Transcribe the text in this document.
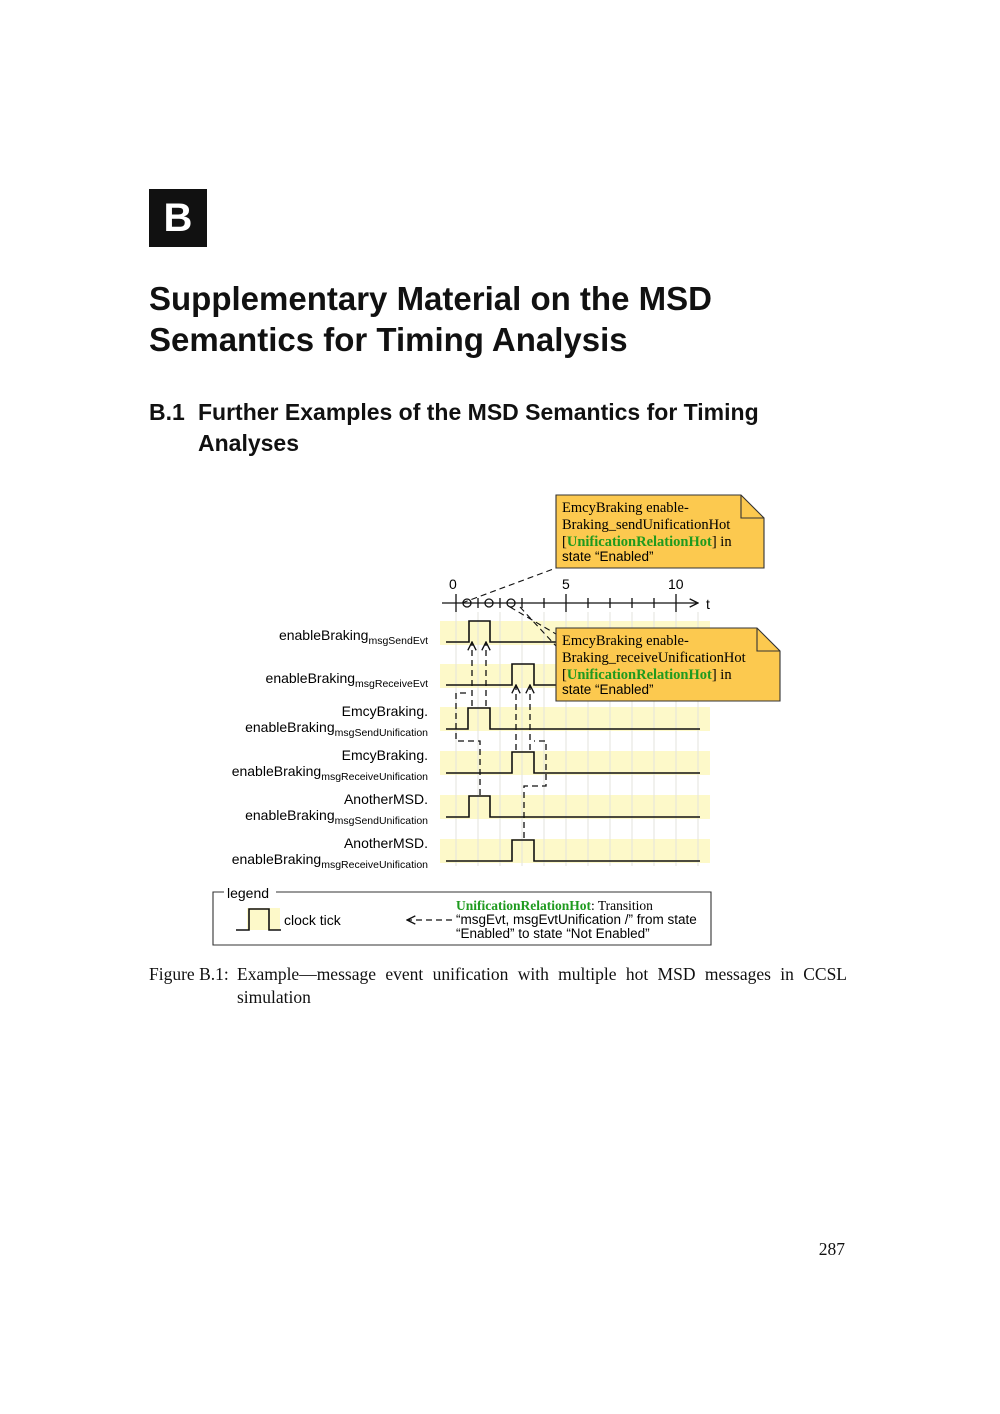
B
Supplementary Material on the MSD Semantics for Timing Analysis
B.1 Further Examples of the MSD Semantics for Timing Analyses
0	5	10
t
EmcyBraking enable-
Braking_sendUnificationHot
[UnificationRelationHot] in
state “Enabled”
EmcyBraking enable-
Braking_receiveUnificationHot
[UnificationRelationHot] in
state “Enabled”
enableBraking$_{msgSendEvt}$
enableBraking$_{msgReceiveEvt}$
EmcyBraking.
enableBraking$_{msgSendUnification}$
EmcyBraking.
enableBraking$_{msgReceiveUnification}$
AnotherMSD.
enableBraking$_{msgSendUnification}$
AnotherMSD.
enableBraking$_{msgReceiveUnification}$
legend
clock tick
UnificationRelationHot: Transition
“msgEvt, msgEvtUnification /” from state
“Enabled” to state “Not Enabled”
Figure B.1: Example—message event unification with multiple hot MSD messages in CCSL simulation
287
